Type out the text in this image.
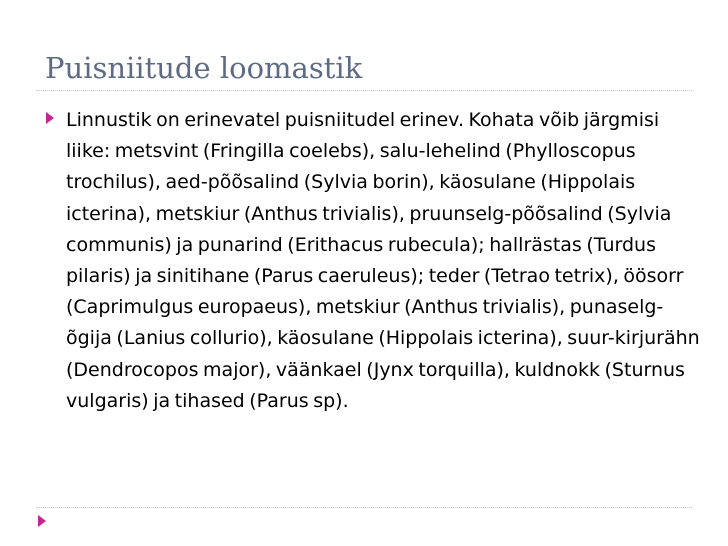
Puisniitude loomastik

Linnustik on erinevatel puisniitudel erinev. Kohata võib järgmisi liike: metsvint (Fringilla coelebs), salu-lehelind (Phylloscopus trochilus), aed-põõsalind (Sylvia borin), käosulane (Hippolais icterina), metskiur (Anthus trivialis), pruunselg-põõsalind (Sylvia communis) ja punarind (Erithacus rubecula); hallrästas (Turdus pilaris) ja sinitihane (Parus caeruleus); teder (Tetrao tetrix), öösorr (Caprimulgus europaeus), metskiur (Anthus trivialis), punaselg-õgija (Lanius collurio), käosulane (Hippolais icterina), suur-kirjurähn (Dendrocopos major), väänkael (Jynx torquilla), kuldnokk (Sturnus vulgaris) ja tihased (Parus sp).
